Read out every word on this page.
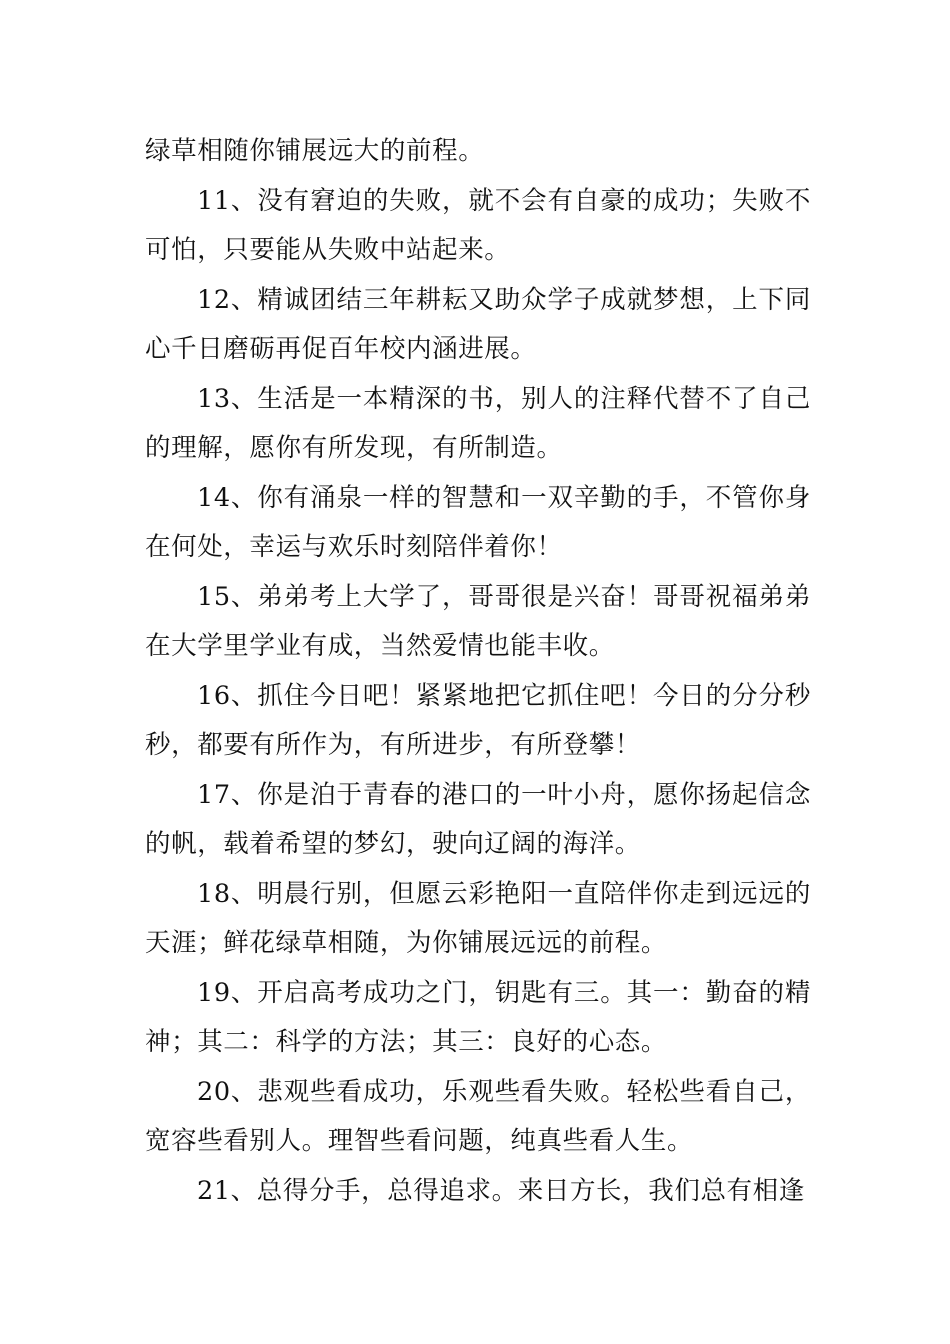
绿草相随你铺展远大的前程。

11、没有窘迫的失败，就不会有自豪的成功；失败不可怕，只要能从失败中站起来。

12、精诚团结三年耕耘又助众学子成就梦想，上下同心千日磨砺再促百年校内涵进展。

13、生活是一本精深的书，别人的注释代替不了自己的理解，愿你有所发现，有所制造。

14、你有涌泉一样的智慧和一双辛勤的手，不管你身在何处，幸运与欢乐时刻陪伴着你！

15、弟弟考上大学了，哥哥很是兴奋！哥哥祝福弟弟在大学里学业有成，当然爱情也能丰收。

16、抓住今日吧！紧紧地把它抓住吧！今日的分分秒秒，都要有所作为，有所进步，有所登攀！

17、你是泊于青春的港口的一叶小舟，愿你扬起信念的帆，载着希望的梦幻，驶向辽阔的海洋。

18、明晨行别，但愿云彩艳阳一直陪伴你走到远远的天涯；鲜花绿草相随，为你铺展远远的前程。

19、开启高考成功之门，钥匙有三。其一：勤奋的精神；其二：科学的方法；其三：良好的心态。

20、悲观些看成功，乐观些看失败。轻松些看自己，宽容些看别人。理智些看问题，纯真些看人生。

21、总得分手，总得追求。来日方长，我们总有相逢
